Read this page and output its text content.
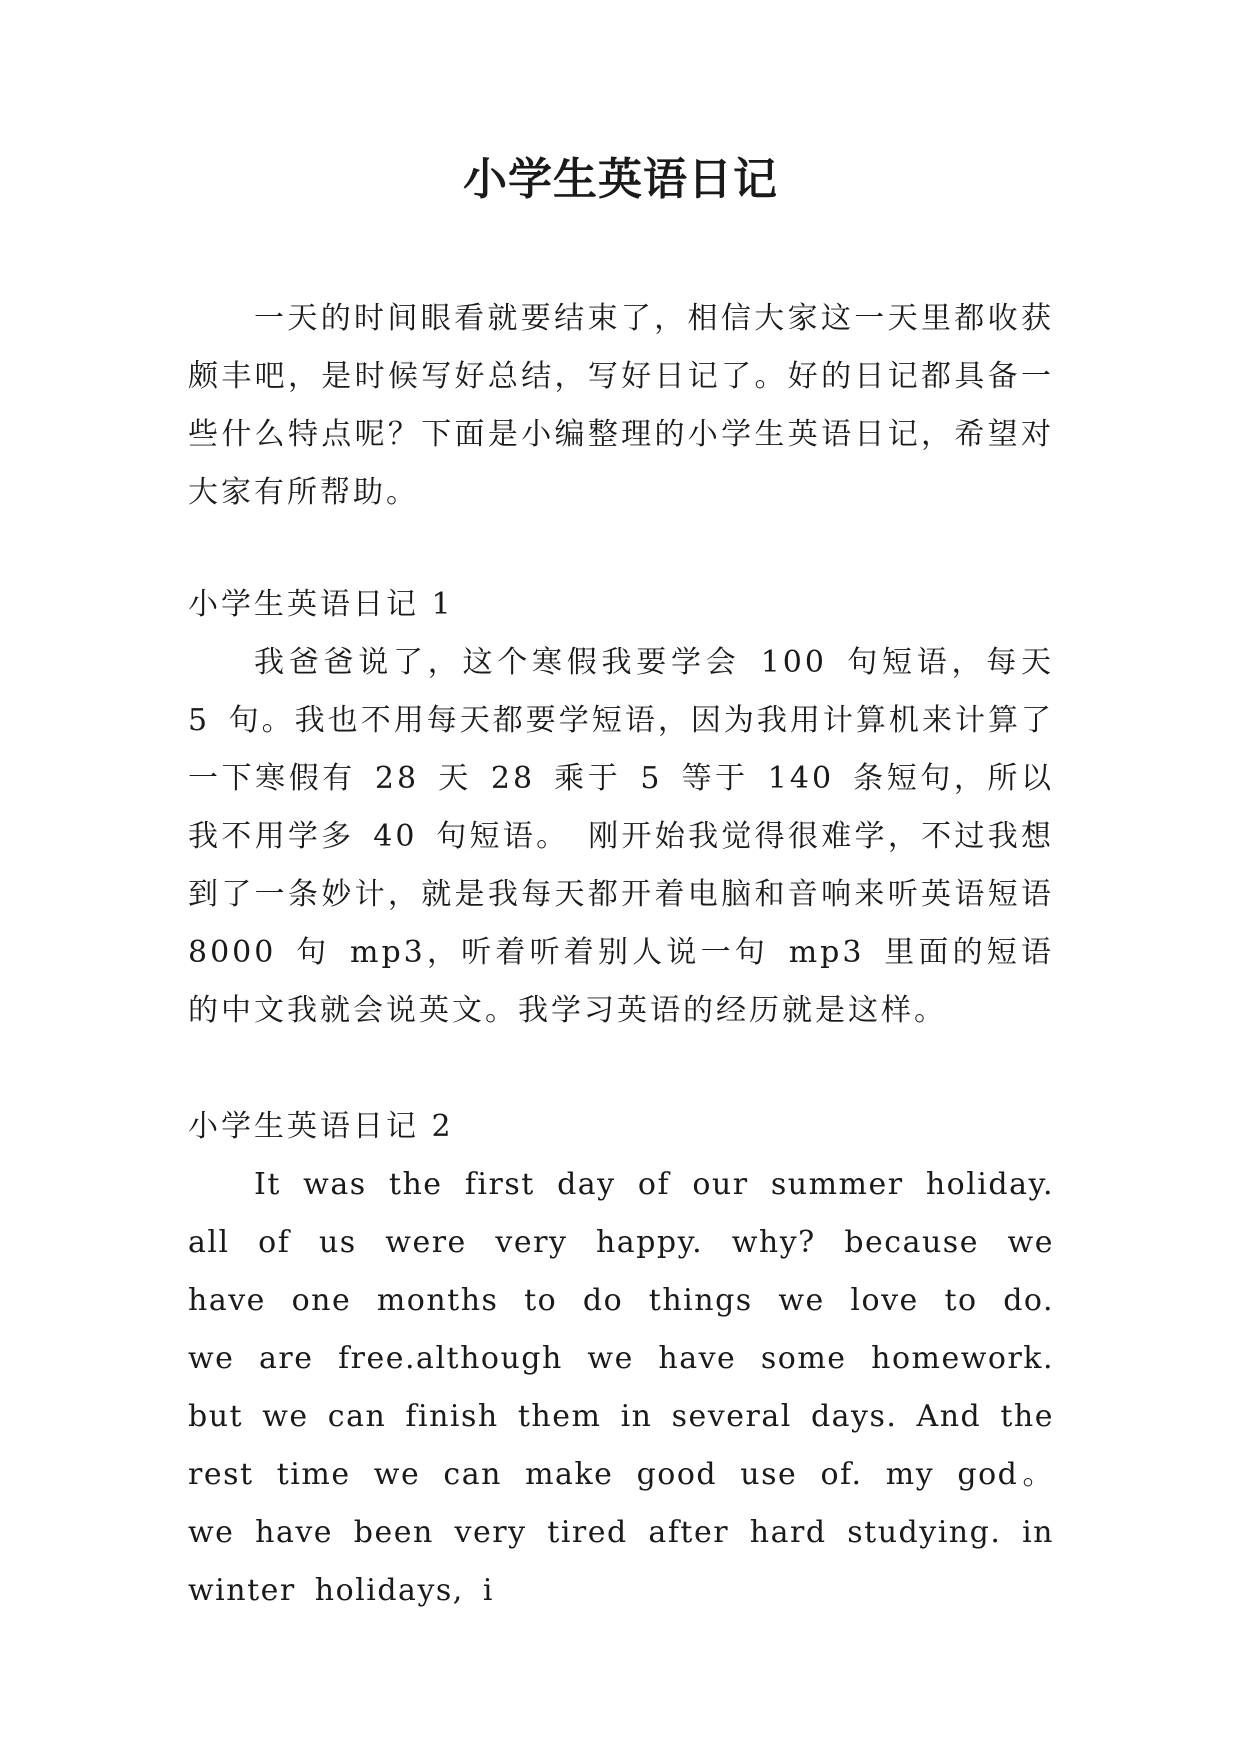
小学生英语日记

一天的时间眼看就要结束了，相信大家这一天里都收获颇丰吧，是时候写好总结，写好日记了。好的日记都具备一些什么特点呢？下面是小编整理的小学生英语日记，希望对大家有所帮助。

小学生英语日记 1

我爸爸说了，这个寒假我要学会 100 句短语，每天 5 句。我也不用每天都要学短语，因为我用计算机来计算了一下寒假有 28 天 28 乘于 5 等于 140 条短句，所以我不用学多 40 句短语。 刚开始我觉得很难学，不过我想到了一条妙计，就是我每天都开着电脑和音响来听英语短语 8000 句 mp3，听着听着别人说一句 mp3 里面的短语的中文我就会说英文。我学习英语的经历就是这样。

小学生英语日记 2

It was the first day of our summer holiday. all of us were very happy. why? because we have one months to do things we love to do. we are free.although we have some homework. but we can finish them in several days. And the rest time we can make good use of. my god。 we have been very tired after hard studying. in winter holidays, i
